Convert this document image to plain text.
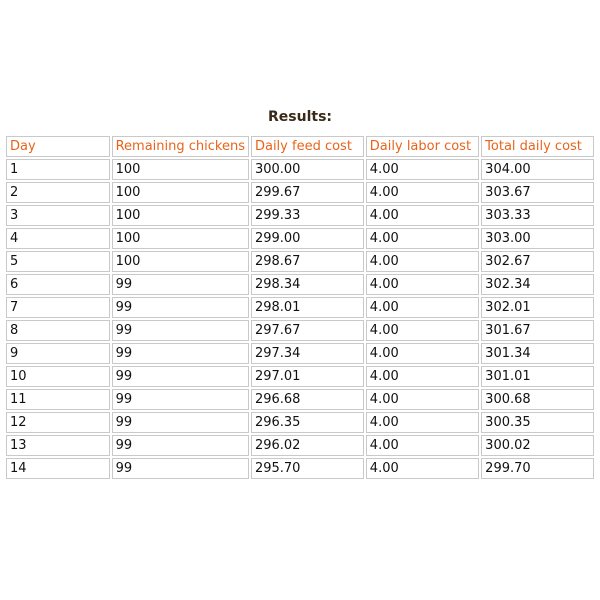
Results:
Day	Remaining chickens	Daily feed cost	Daily labor cost	Total daily cost
1	100	300.00	4.00	304.00
2	100	299.67	4.00	303.67
3	100	299.33	4.00	303.33
4	100	299.00	4.00	303.00
5	100	298.67	4.00	302.67
6	99	298.34	4.00	302.34
7	99	298.01	4.00	302.01
8	99	297.67	4.00	301.67
9	99	297.34	4.00	301.34
10	99	297.01	4.00	301.01
11	99	296.68	4.00	300.68
12	99	296.35	4.00	300.35
13	99	296.02	4.00	300.02
14	99	295.70	4.00	299.70
